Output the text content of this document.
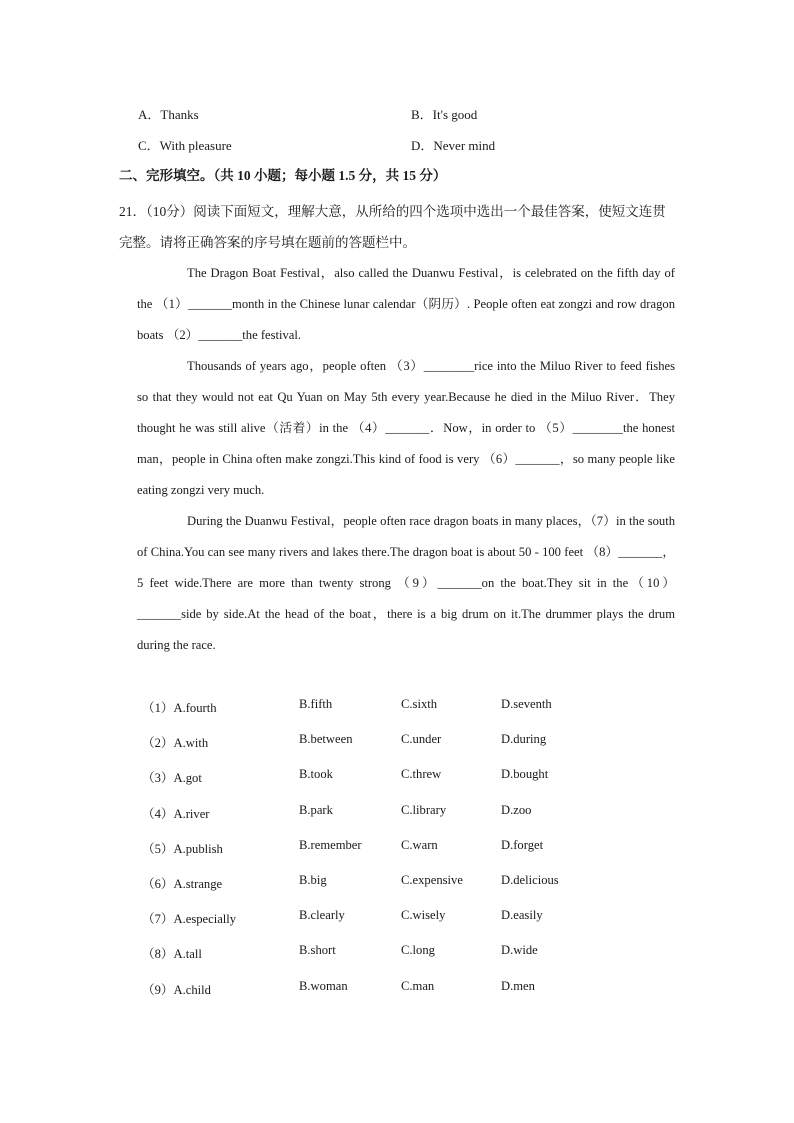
A．Thanks	B．It's good
C．With pleasure	D．Never mind
二、完形填空。（共 10 小题；每小题 1.5 分，共 15 分）
21．（10分）阅读下面短文，理解大意，从所给的四个选项中选出一个最佳答案，使短文连贯完整。请将正确答案的序号填在题前的答题栏中。

The Dragon Boat Festival，also called the Duanwu Festival，is celebrated on the fifth day of the （1）_______month in the Chinese lunar calendar（阴历）. People often eat zongzi and row dragon boats （2）_______the festival.

Thousands of years ago，people often （3）________rice into the Miluo River to feed fishes so that they would not eat Qu Yuan on May 5th every year.Because he died in the Miluo River．They thought he was still alive（活着）in the （4）_______．Now，in order to （5）________the honest man，people in China often make zongzi.This kind of food is very （6）_______，so many people like eating zongzi very much.

During the Duanwu Festival，people often race dragon boats in many places，（7）in the south of China.You can see many rivers and lakes there.The dragon boat is about 50 - 100 feet （8）_______，5 feet wide.There are more than twenty strong （9）_______on the boat.They sit in the（10）_______side by side.At the head of the boat，there is a big drum on it.The drummer plays the drum during the race.

（1）A.fourth	B.fifth	C.sixth	D.seventh
（2）A.with	B.between	C.under	D.during
（3）A.got	B.took	C.threw	D.bought
（4）A.river	B.park	C.library	D.zoo
（5）A.publish	B.remember	C.warn	D.forget
（6）A.strange	B.big	C.expensive	D.delicious
（7）A.especially	B.clearly	C.wisely	D.easily
（8）A.tall	B.short	C.long	D.wide
（9）A.child	B.woman	C.man	D.men
